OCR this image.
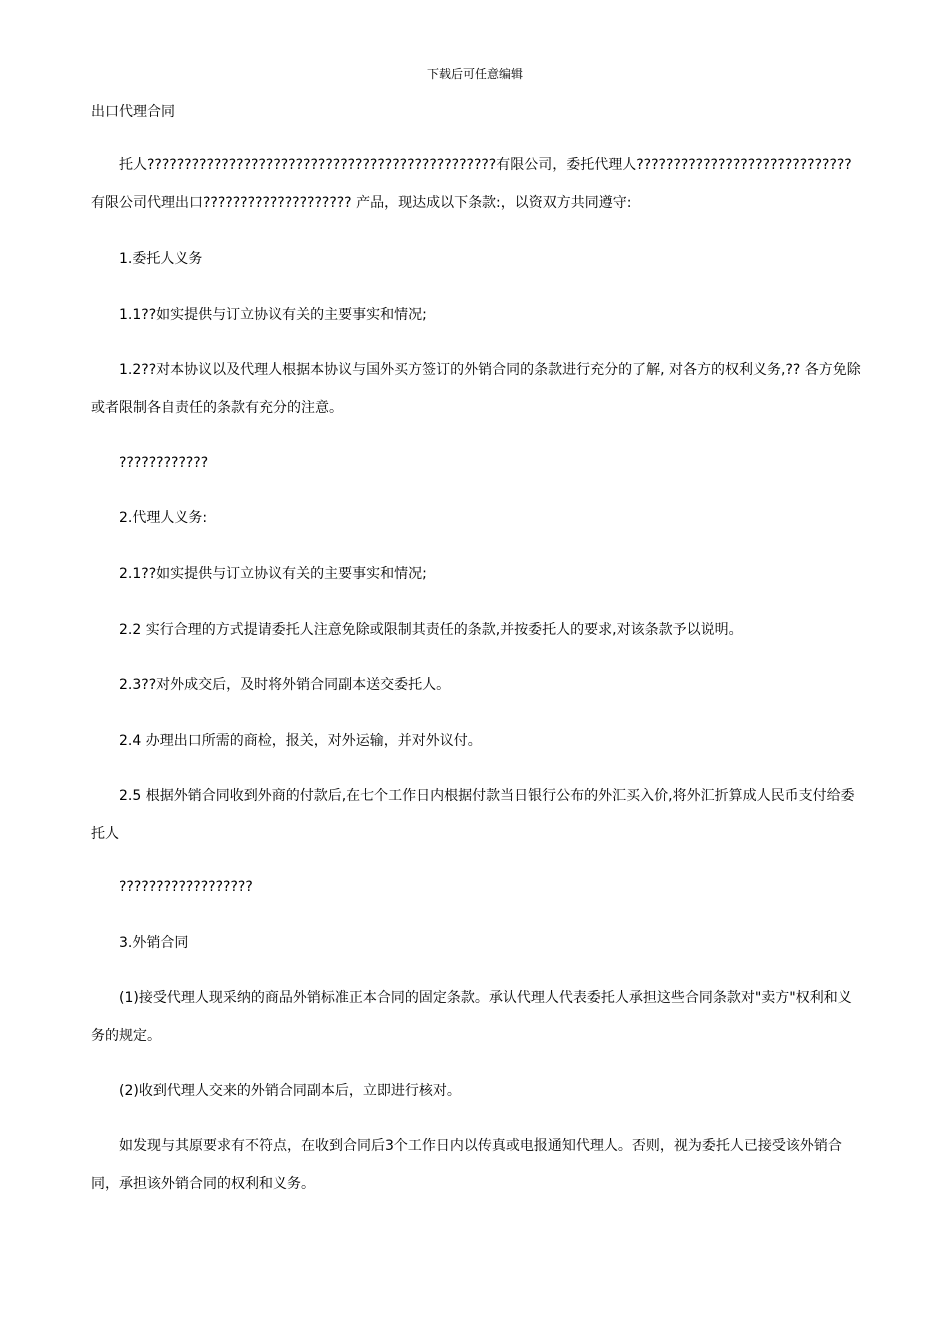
下载后可任意编辑
出口代理合同
托人???????????????????????????????????????????????有限公司，委托代理人????????????????????????????? 有限公司代理出口???????????????????? 产品，现达成以下条款:，以资双方共同遵守:
1.委托人义务
1.1??如实提供与订立协议有关的主要事实和情况;
1.2??对本协议以及代理人根据本协议与国外买方签订的外销合同的条款进行充分的了解, 对各方的权利义务,?? 各方免除或者限制各自责任的条款有充分的注意。
????????????
2.代理人义务:
2.1??如实提供与订立协议有关的主要事实和情况;
2.2 实行合理的方式提请委托人注意免除或限制其责任的条款,并按委托人的要求,对该条款予以说明。
2.3??对外成交后，及时将外销合同副本送交委托人。
2.4 办理出口所需的商检，报关，对外运输，并对外议付。
2.5 根据外销合同收到外商的付款后,在七个工作日内根据付款当日银行公布的外汇买入价,将外汇折算成人民币支付给委托人
??????????????????
3.外销合同
(1)接受代理人现采纳的商品外销标准正本合同的固定条款。承认代理人代表委托人承担这些合同条款对"卖方"权利和义务的规定。
(2)收到代理人交来的外销合同副本后，立即进行核对。
如发现与其原要求有不符点，在收到合同后3个工作日内以传真或电报通知代理人。否则，视为委托人已接受该外销合同，承担该外销合同的权利和义务。
